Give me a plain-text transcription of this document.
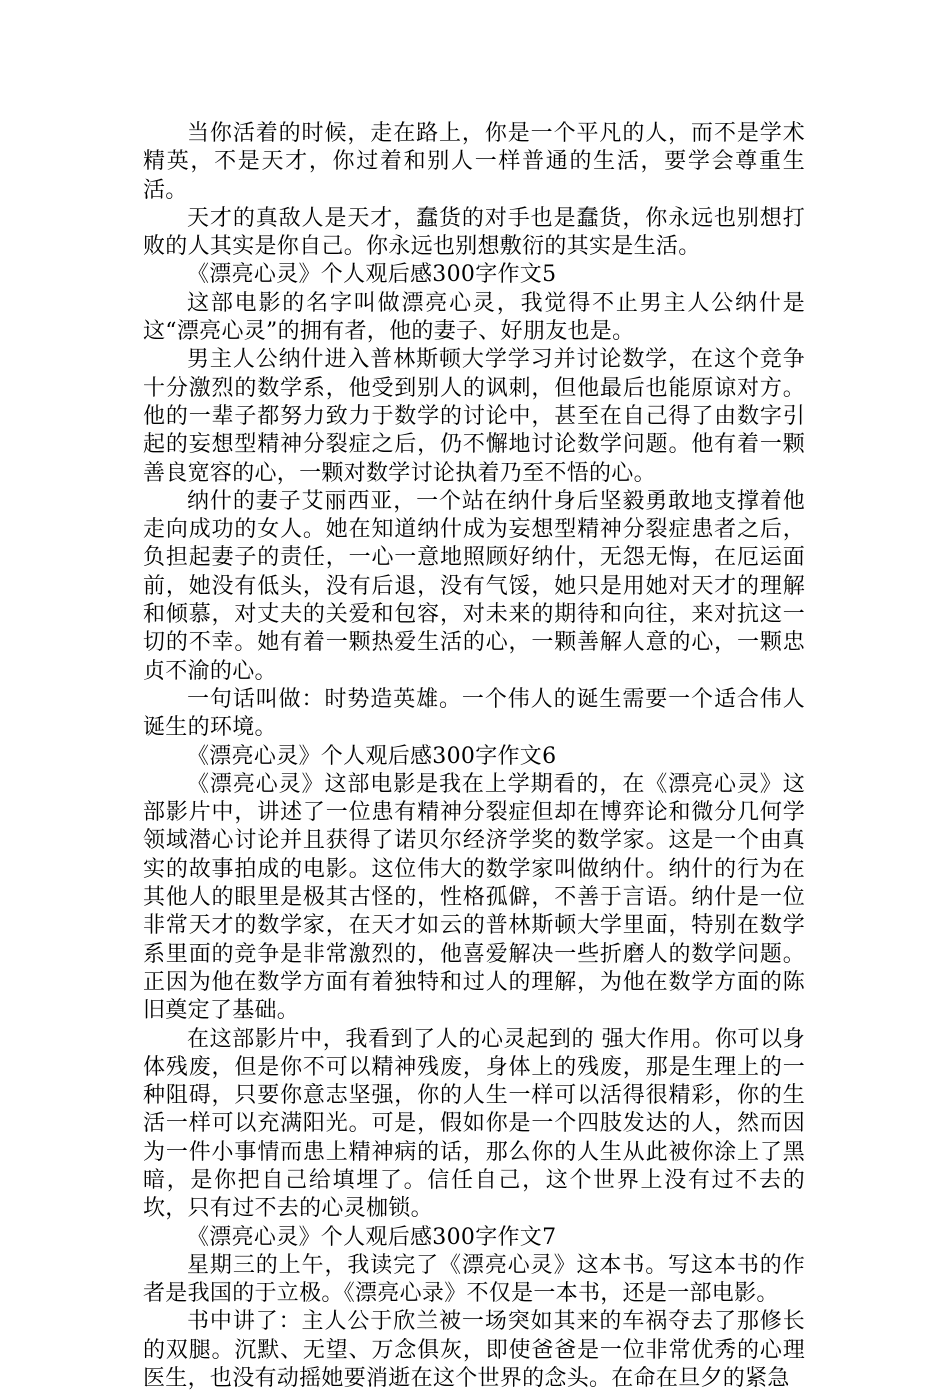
当你活着的时候，走在路上，你是一个平凡的人，而不是学术精英，不是天才，你过着和别人一样普通的生活，要学会尊重生活。

天才的真敌人是天才，蠢货的对手也是蠢货，你永远也别想打败的人其实是你自己。你永远也别想敷衍的其实是生活。

《漂亮心灵》个人观后感300字作文5

这部电影的名字叫做漂亮心灵，我觉得不止男主人公纳什是这“漂亮心灵”的拥有者，他的妻子、好朋友也是。

男主人公纳什进入普林斯顿大学学习并讨论数学，在这个竞争十分激烈的数学系，他受到别人的讽刺，但他最后也能原谅对方。他的一辈子都努力致力于数学的讨论中，甚至在自己得了由数字引起的妄想型精神分裂症之后，仍不懈地讨论数学问题。他有着一颗善良宽容的心，一颗对数学讨论执着乃至不悟的心。

纳什的妻子艾丽西亚，一个站在纳什身后坚毅勇敢地支撑着他走向成功的女人。她在知道纳什成为妄想型精神分裂症患者之后，负担起妻子的责任，一心一意地照顾好纳什，无怨无悔，在厄运面前，她没有低头，没有后退，没有气馁，她只是用她对天才的理解和倾慕，对丈夫的关爱和包容，对未来的期待和向往，来对抗这一切的不幸。她有着一颗热爱生活的心，一颗善解人意的心，一颗忠贞不渝的心。

一句话叫做：时势造英雄。一个伟人的诞生需要一个适合伟人诞生的环境。

《漂亮心灵》个人观后感300字作文6

《漂亮心灵》这部电影是我在上学期看的，在《漂亮心灵》这部影片中，讲述了一位患有精神分裂症但却在博弈论和微分几何学领域潜心讨论并且获得了诺贝尔经济学奖的数学家。这是一个由真实的故事拍成的电影。这位伟大的数学家叫做纳什。纳什的行为在其他人的眼里是极其古怪的，性格孤僻，不善于言语。纳什是一位非常天才的数学家，在天才如云的普林斯顿大学里面，特别在数学系里面的竞争是非常激烈的，他喜爱解决一些折磨人的数学问题。正因为他在数学方面有着独特和过人的理解，为他在数学方面的陈旧奠定了基础。

在这部影片中，我看到了人的心灵起到的 强大作用。你可以身体残废，但是你不可以精神残废，身体上的残废，那是生理上的一种阻碍，只要你意志坚强，你的人生一样可以活得很精彩，你的生活一样可以充满阳光。可是，假如你是一个四肢发达的人，然而因为一件小事情而患上精神病的话，那么你的人生从此被你涂上了黑暗，是你把自己给填埋了。信任自己，这个世界上没有过不去的坎，只有过不去的心灵枷锁。

《漂亮心灵》个人观后感300字作文7

星期三的上午，我读完了《漂亮心灵》这本书。写这本书的作者是我国的于立极。《漂亮心录》不仅是一本书，还是一部电影。

书中讲了：主人公于欣兰被一场突如其来的车祸夺去了那修长的双腿。沉默、无望、万念俱灰，即使爸爸是一位非常优秀的心理医生，也没有动摇她要消逝在这个世界的念头。在命在旦夕的紧急
